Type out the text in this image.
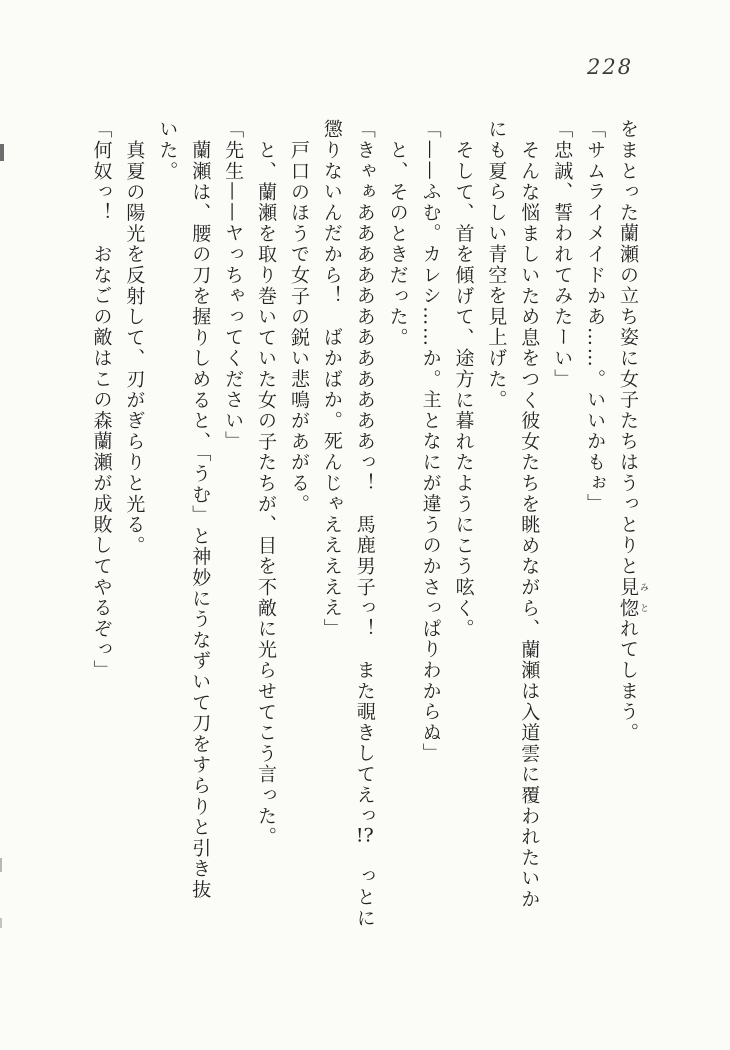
228
をまとった蘭瀬の立ち姿に女子たちはうっとりと見惚 みとれてしまう。
「サムライメイドかあ……。いいかもぉ」
「忠誠、誓われてみたーい」
そんな悩ましいため息をつく彼女たちを眺めながら、蘭瀬は入道雲に覆われたいか
にも夏らしい青空を見上げた。
そして、首を傾げて、途方に暮れたようにこう呟く。
「——ふむ。カレシ……か。主となにが違うのかさっぱりわからぬ」
と、そのときだった。
「きゃぁああああああああああああっ！　馬鹿男子っ！　また覗きしてえっ!?　っとに
懲りないんだから！　ばかばか。死んじゃえええええ」
戸口のほうで女子の鋭い悲鳴があがる。
と、蘭瀬を取り巻いていた女の子たちが、目を不敵に光らせてこう言った。
「先生——ヤっちゃってください」
蘭瀬は、腰の刀を握りしめると、「うむ」と神妙にうなずいて刀をすらりと引き抜
いた。
真夏の陽光を反射して、刃がぎらりと光る。
「何奴っ！　おなごの敵はこの森蘭瀬が成敗してやるぞっ」
